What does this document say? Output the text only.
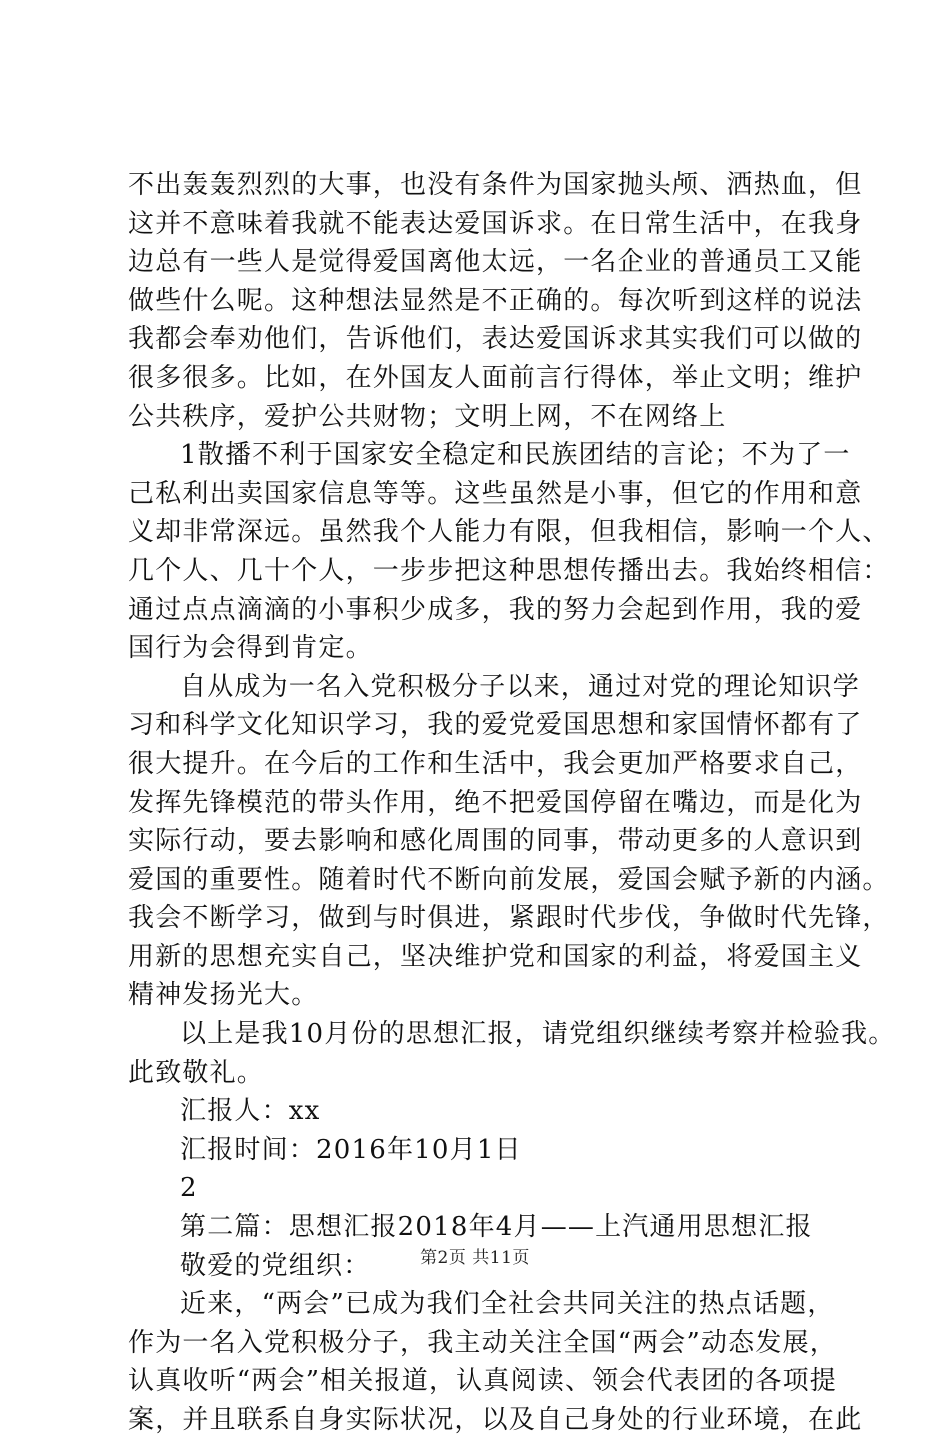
不出轰轰烈烈的大事，也没有条件为国家抛头颅、洒热血，但
这并不意味着我就不能表达爱国诉求。在日常生活中，在我身
边总有一些人是觉得爱国离他太远，一名企业的普通员工又能
做些什么呢。这种想法显然是不正确的。每次听到这样的说法
我都会奉劝他们，告诉他们，表达爱国诉求其实我们可以做的
很多很多。比如，在外国友人面前言行得体，举止文明；维护
公共秩序，爱护公共财物；文明上网，不在网络上
1散播不利于国家安全稳定和民族团结的言论；不为了一
己私利出卖国家信息等等。这些虽然是小事，但它的作用和意
义却非常深远。虽然我个人能力有限，但我相信，影响一个人、
几个人、几十个人，一步步把这种思想传播出去。我始终相信：
通过点点滴滴的小事积少成多，我的努力会起到作用，我的爱
国行为会得到肯定。
自从成为一名入党积极分子以来，通过对党的理论知识学
习和科学文化知识学习，我的爱党爱国思想和家国情怀都有了
很大提升。在今后的工作和生活中，我会更加严格要求自己，
发挥先锋模范的带头作用，绝不把爱国停留在嘴边，而是化为
实际行动，要去影响和感化周围的同事，带动更多的人意识到
爱国的重要性。随着时代不断向前发展，爱国会赋予新的内涵。
我会不断学习，做到与时俱进，紧跟时代步伐，争做时代先锋，
用新的思想充实自己，坚决维护党和国家的利益，将爱国主义
精神发扬光大。
以上是我10月份的思想汇报，请党组织继续考察并检验我。
此致敬礼。
汇报人：xx
汇报时间：2016年10月1日
2
第二篇：思想汇报2018年4月——上汽通用思想汇报
敬爱的党组织：
近来，“两会”已成为我们全社会共同关注的热点话题，
作为一名入党积极分子，我主动关注全国“两会”动态发展，
认真收听“两会”相关报道，认真阅读、领会代表团的各项提
案，并且联系自身实际状况，以及自己身处的行业环境，在此
第2页 共11页
